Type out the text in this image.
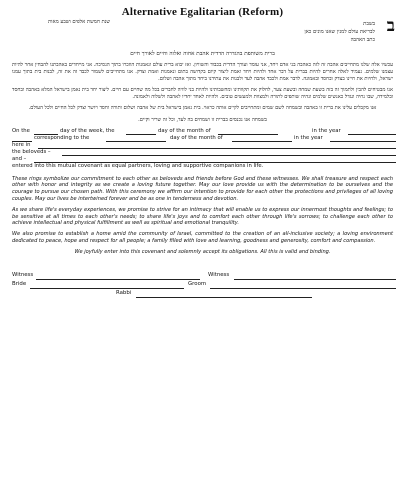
Alternative Egalitarian (Reform)
ב
שנת חמשת אלפים ושבע מאות	בשבת
לבריאת עולם למנין שאנו מונים כאן
כתב האהבה
ברית משותפת בהגדרה הדדית אהבת אחוה ואלוה וחיים לאורך חיים
עכשיו אלה שלנו מתחייבים אהבה זה לזה כאהבה בני אדם ויחד, אני עומד ועורך הדדית בכבוד והשוויון. ואז יבוא ברית עולם ונאמנות הוזכרו בתוך הנסיכה. אני מייחדים באהבתנו להבחין אחר להיות עצמנו שלמים. נעמיד לאלה אחרים להיות בברית על דבר אחד ולהיות ויחד ואמת ליצור קיום בקדושה בתום ונאמנות ואמת וצדק. אנו מתחייבים לשמור לכבד זה את זה, לבנות בית בתוך עמנו ישראל, ולחיות את חיינו בצדק ובחסד ובאמונה. לדבר אמת ולכבד אהבה לעד ולבנות את עתידנו ביחד מתוך אהבה ושלום.
אנו מבטיחים להבין ולתמוך זה בזה בשעת שמחה ובשעת צער, לחלוק את תקוותינו ומחשבותינו ולהיות בני לוויה לחברים בכל מה שחיים עם חיים. ליצור יחד בית נאמן בישראל המלא באהבה ובחסד ובלמידה, שבו נחיה ונגדל כאנשים שלמים ונהיה שותפים לתורה ולמצוות ולמעשים טובים. ולהיות לאחד יחדיו לאהבה ולשלוה ולאמונה.
אנו מקבלים עלינו את ברית זו באהבה ובשמחה לשם שמים ומתחייבים לקיים אותה כראוי. בית נאמן בישראל בית של אהבה ושלום ותורה וחסד ויושר וצדק לכל החיים ולכל העולם.
בשמחה אנו נכנסים בברית זו ושמחים בה לעד, וכל זה שריר וקיים.
On the	day of the week, the	day of the month of	in the year
corresponding to the	day of the month of	in the year
here in
the beloveds –
and –
entered into this mutual covenant as equal partners, loving and supportive companions in life.
These rings symbolize our commitment to each other as beloveds and friends before God and these witnesses. We shall treasure and respect each other with honor and integrity as we create a loving future together. May our love provide us with the determination to be ourselves and the courage to pursue our chosen path. With this ceremony we affirm our intention to provide for each other the protections and privileges of all loving couples. May our lives be intertwined forever and be as one in tenderness and devotion.
As we share life's everyday experiences, we promise to strive for an intimacy that will enable us to express our innermost thoughts and feelings; to be sensitive at all times to each other's needs; to share life's joys and to comfort each other through life's sorrows; to challenge each other to achieve intellectual and physical fulfillment as well as spiritual and emotional tranquility.
We also promise to establish a home amid the community of Israel, committed to the creation of an all-inclusive society; a loving environment dedicated to peace, hope and respect for all people; a family filled with love and learning, goodness and generosity, comfort and compassion.
We joyfully enter into this covenant and solemnly accept its obligations. All this is valid and binding.
Witness	Witness
Bride	Groom
Rabbi
